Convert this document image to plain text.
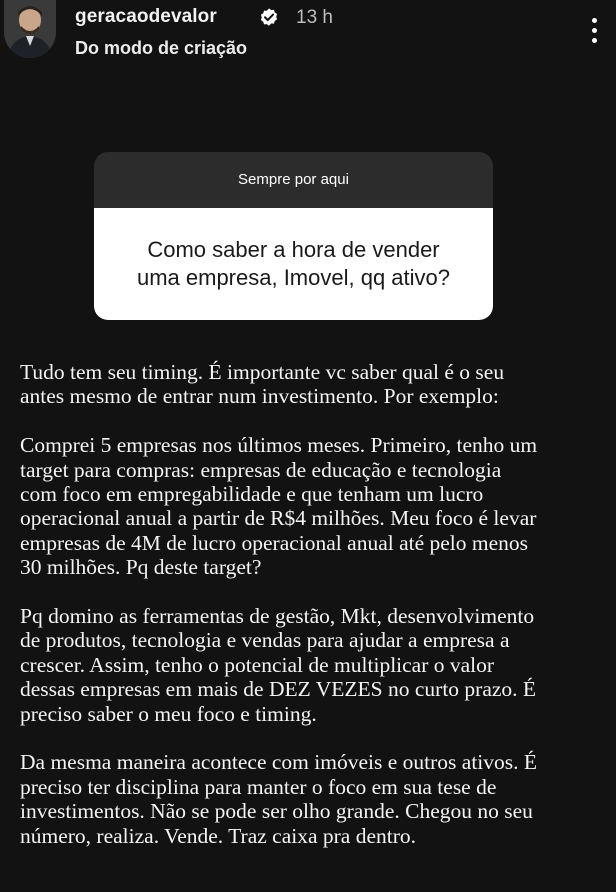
geracaodevalor	13 h
Do modo de criação
Sempre por aqui
Como saber a hora de vender
uma empresa, Imovel, qq ativo?

Tudo tem seu timing. É importante vc saber qual é o seu
antes mesmo de entrar num investimento. Por exemplo:

Comprei 5 empresas nos últimos meses. Primeiro, tenho um
target para compras: empresas de educação e tecnologia
com foco em empregabilidade e que tenham um lucro
operacional anual a partir de R$4 milhões. Meu foco é levar
empresas de 4M de lucro operacional anual até pelo menos
30 milhões. Pq deste target?

Pq domino as ferramentas de gestão, Mkt, desenvolvimento
de produtos, tecnologia e vendas para ajudar a empresa a
crescer. Assim, tenho o potencial de multiplicar o valor
dessas empresas em mais de DEZ VEZES no curto prazo. É
preciso saber o meu foco e timing.

Da mesma maneira acontece com imóveis e outros ativos. É
preciso ter disciplina para manter o foco em sua tese de
investimentos. Não se pode ser olho grande. Chegou no seu
número, realiza. Vende. Traz caixa pra dentro.
